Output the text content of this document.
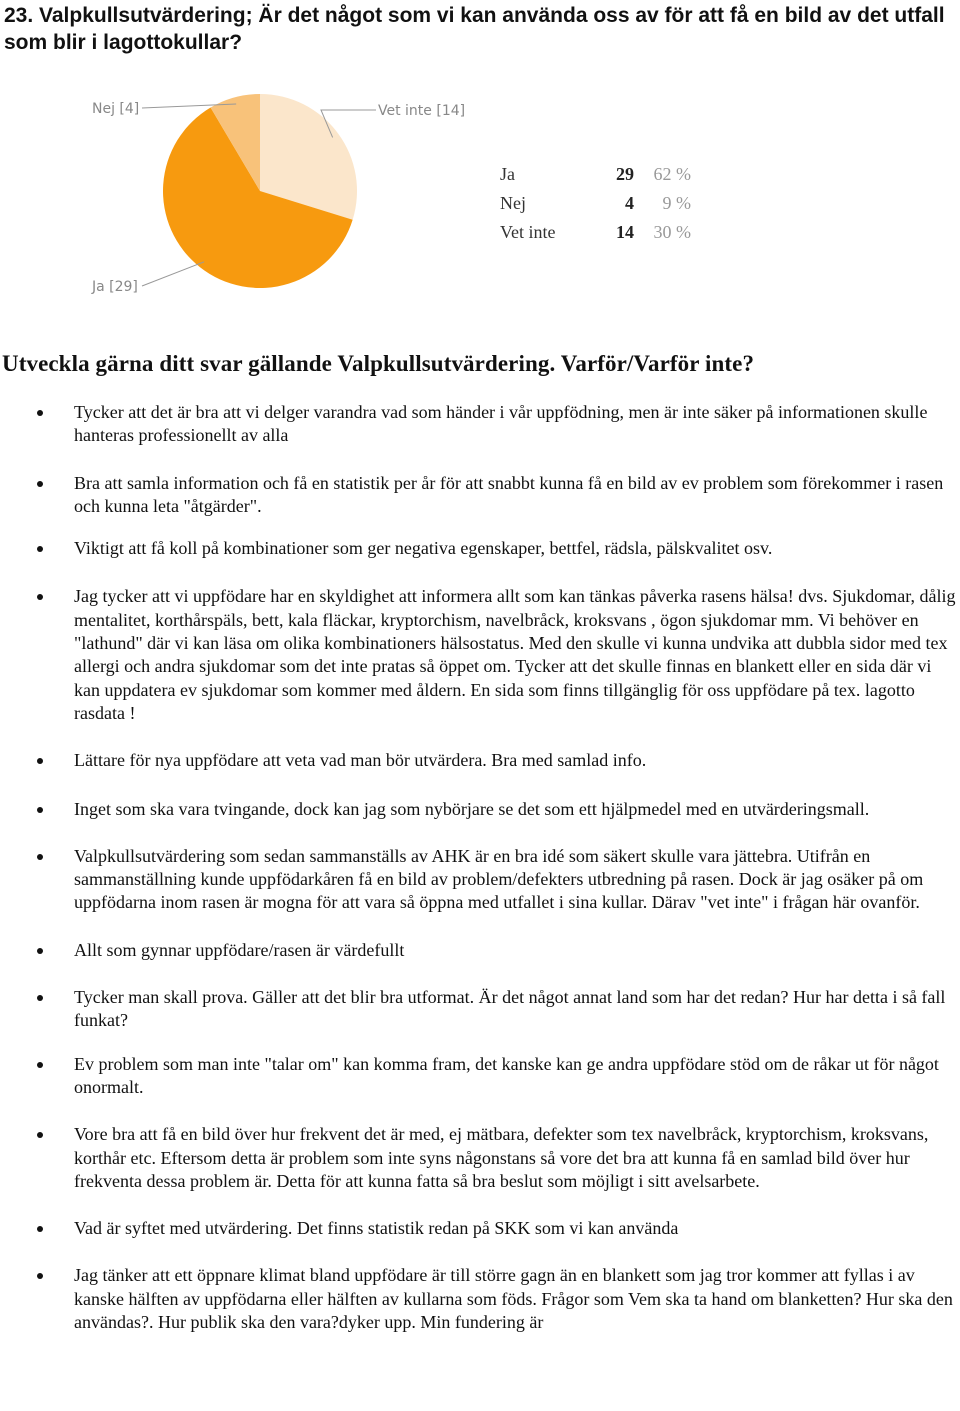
23. Valpkullsutvärdering; Är det något som vi kan använda oss av för att få en bild av det utfall som blir i lagottokullar?
Ja [29]
Nej [4]	Vet inte [14]
Ja	29	62 %
Nej	4	9 %
Vet inte	14	30 %
Utveckla gärna ditt svar gällande Valpkullsutvärdering. Varför/Varför inte?
Tycker att det är bra att vi delger varandra vad som händer i vår uppfödning, men är inte säker på informationen skulle hanteras professionellt av alla
Bra att samla information och få en statistik per år för att snabbt kunna få en bild av ev problem som förekommer i rasen och kunna leta "åtgärder".
Viktigt att få koll på kombinationer som ger negativa egenskaper, bettfel, rädsla, pälskvalitet osv.
Jag tycker att vi uppfödare har en skyldighet att informera allt som kan tänkas påverka rasens hälsa! dvs. Sjukdomar, dålig mentalitet, korthårspäls, bett, kala fläckar, kryptorchism, navelbråck, kroksvans , ögon sjukdomar mm. Vi behöver en "lathund" där vi kan läsa om olika kombinationers hälsostatus. Med den skulle vi kunna undvika att dubbla sidor med tex allergi och andra sjukdomar som det inte pratas så öppet om. Tycker att det skulle finnas en blankett eller en sida där vi kan uppdatera ev sjukdomar som kommer med åldern. En sida som finns tillgänglig för oss uppfödare på tex. lagotto rasdata !
Lättare för nya uppfödare att veta vad man bör utvärdera. Bra med samlad info.
Inget som ska vara tvingande, dock kan jag som nybörjare se det som ett hjälpmedel med en utvärderingsmall.
Valpkullsutvärdering som sedan sammanställs av AHK är en bra idé som säkert skulle vara jättebra. Utifrån en sammanställning kunde uppfödarkåren få en bild av problem/defekters utbredning på rasen. Dock är jag osäker på om uppfödarna inom rasen är mogna för att vara så öppna med utfallet i sina kullar. Därav "vet inte" i frågan här ovanför.
Allt som gynnar uppfödare/rasen är värdefullt
Tycker man skall prova. Gäller att det blir bra utformat. Är det något annat land som har det redan? Hur har detta i så fall funkat?
Ev problem som man inte "talar om" kan komma fram, det kanske kan ge andra uppfödare stöd om de råkar ut för något onormalt.
Vore bra att få en bild över hur frekvent det är med, ej mätbara, defekter som tex navelbråck, kryptorchism, kroksvans, korthår etc. Eftersom detta är problem som inte syns någonstans så vore det bra att kunna få en samlad bild över hur frekventa dessa problem är. Detta för att kunna fatta så bra beslut som möjligt i sitt avelsarbete.
Vad är syftet med utvärdering. Det finns statistik redan på SKK som vi kan använda
Jag tänker att ett öppnare klimat bland uppfödare är till större gagn än en blankett som jag tror kommer att fyllas i av kanske hälften av uppfödarna eller hälften av kullarna som föds. Frågor som Vem ska ta hand om blanketten? Hur ska den användas?. Hur publik ska den vara?dyker upp. Min fundering är
